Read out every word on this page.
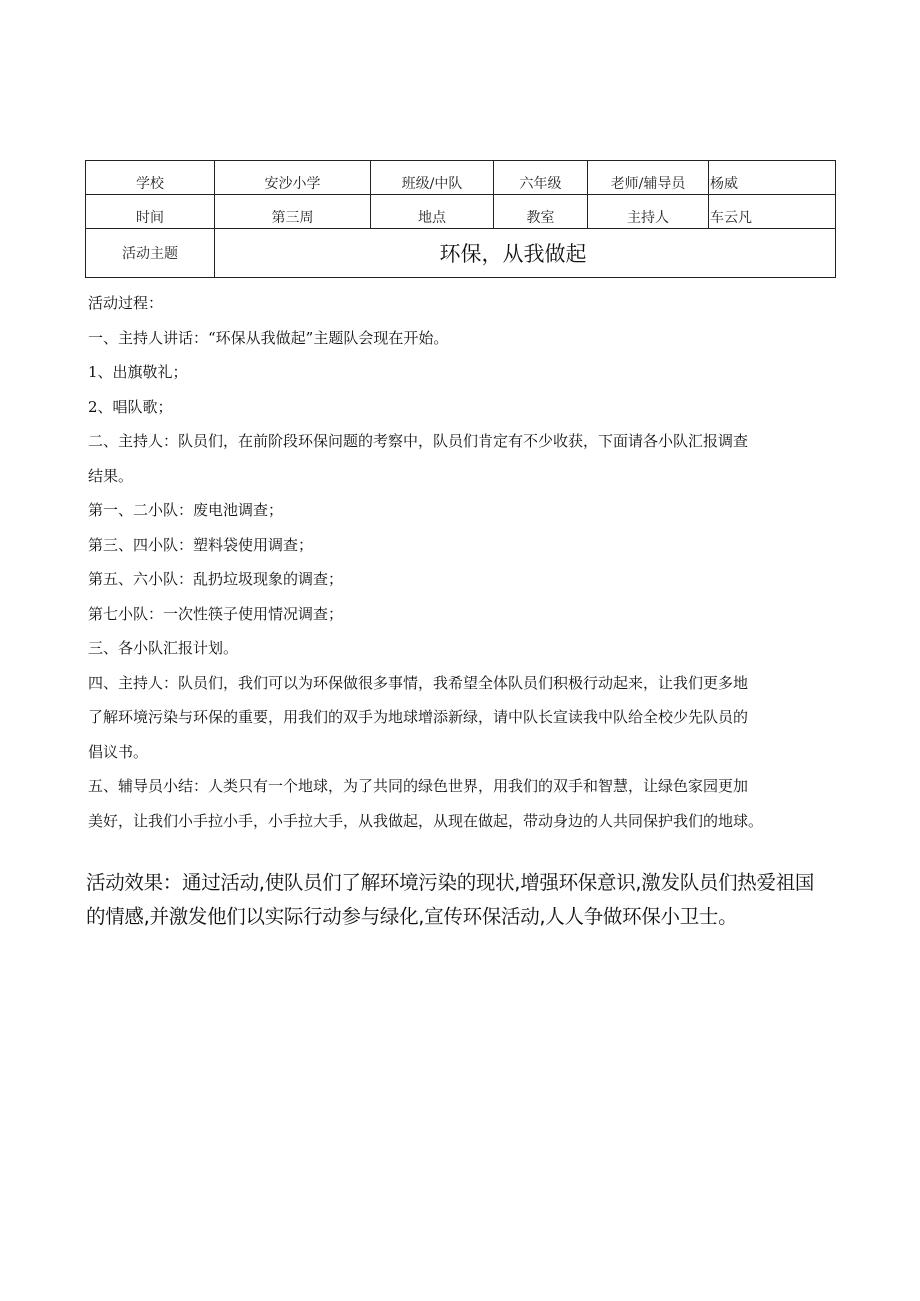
学校	安沙小学	班级/中队	六年级	老师/辅导员	杨威
时间	第三周	地点	教室	主持人	车云凡
活动主题	环保，从我做起				

活动过程：

一、主持人讲话：“环保从我做起”主题队会现在开始。

1、出旗敬礼；

2、唱队歌；

二、主持人：队员们，在前阶段环保问题的考察中，队员们肯定有不少收获，下面请各小队汇报调查

结果。

第一、二小队：废电池调查；

第三、四小队：塑料袋使用调查；

第五、六小队：乱扔垃圾现象的调查；

第七小队：一次性筷子使用情况调查；

三、各小队汇报计划。

四、主持人：队员们，我们可以为环保做很多事情，我希望全体队员们积极行动起来，让我们更多地

了解环境污染与环保的重要，用我们的双手为地球增添新绿，请中队长宣读我中队给全校少先队员的

倡议书。

五、辅导员小结：人类只有一个地球，为了共同的绿色世界，用我们的双手和智慧，让绿色家园更加

美好，让我们小手拉小手，小手拉大手，从我做起，从现在做起，带动身边的人共同保护我们的地球。

活动效果：通过活动,使队员们了解环境污染的现状,增强环保意识,激发队员们热爱祖国
的情感,并激发他们以实际行动参与绿化,宣传环保活动,人人争做环保小卫士。
